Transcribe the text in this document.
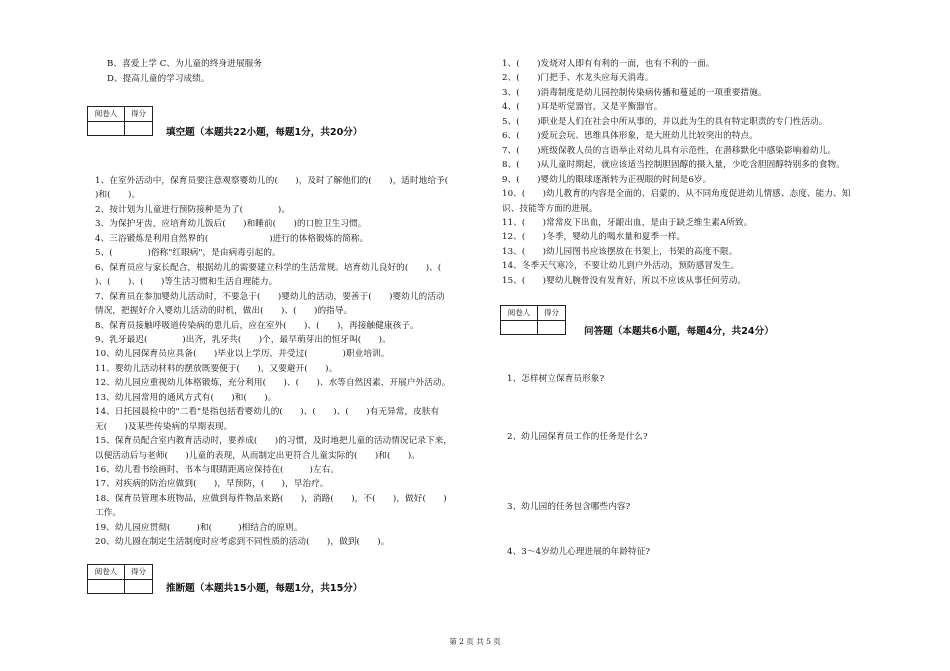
B、喜爱上学 C、为儿童的终身进展服务
D、提高儿童的学习成绩。
阅卷人	得分
填空题（本题共22小题，每题1分，共20分）
1、在室外活动中，保育员要注意观察婴幼儿的(　　)，及时了解他们的(　　)，适时地给予(
)和(　　)。
2、按计划为儿童进行预防接种是为了(　　　　)。
3、为保护牙齿，应培育幼儿饭后(　　)和睡前(　　)的口腔卫生习惯。
4、三浴锻炼是利用自然界的(　　　　　　　)进行的体格锻炼的简称。
5、(　　　　)俗称"红眼病"，是由病毒引起的。
6、保育员应与家长配合，根据幼儿的需要建立科学的生活常规。培育幼儿良好的(　　)、(
)、(　　)、(　　)等生活习惯和生活自理能力。
7、保育员在参加婴幼儿活动时，不要急于(　　)婴幼儿的活动，要善于(　　)婴幼儿的活动
情况，把握好介入婴幼儿活动的时机，做出(　　)、(　　)的指导。
8、保育员接触呼吸道传染病的患儿后，应在室外(　　)、(　　)，再接触健康孩子。
9、乳牙最迟(　　　　)出齐，乳牙共(　　)个，最早萌芽出的恒牙叫(　　)。
10、幼儿园保育员应具备(　　)毕业以上学历，并受过(　　　　)职业培训。
11、婴幼儿活动材料的摆放既要便于(　　)，又要避开(　　)。
12、幼儿园应重视幼儿体格锻炼，充分利用(　　)、(　　)、水等自然因素，开展户外活动。
13、幼儿园常用的通风方式有(　　)和(　　)。
14、日托园晨检中的"二看"是指包括看婴幼儿的(　　)、(　　)、(　　)有无异常，皮肤有
无(　　)及某些传染病的早期表现。
15、保育员配合室内教育活动时，要养成(　　)的习惯，及时地把儿童的活动情况记录下来，
以便活动后与老师(　　)儿童的表现，从而制定出更符合儿童实际的(　　)和(　　)。
16、幼儿看书绘画时，书本与眼睛距离应保持在(　　　)左右。
17、对疾病的防治应做到(　　)，早预防，(　　)，早治疗。
18、保育员管理本班物品，应做到每件物品来路(　　)，消路(　　)，不(　　)，做好(　　)
工作。
19、幼儿园应贯彻(　　　)和(　　　)相结合的原则。
20、幼儿圆在制定生活制度时应考虑到不同性质的活动(　　)，做到(　　)。
阅卷人	得分
推断题（本题共15小题，每题1分，共15分）
1、(　　)发烧对人即有有利的一面，也有不利的一面。
2、(　　)门把手、水龙头应每天消毒。
3、(　　)消毒制度是幼儿园控制传染病传播和蔓延的一项重要措施。
4、(　　)耳是听觉器官，又是平衡器官。
5、(　　)职业是人们在社会中所从事的，并以此为生的具有特定职责的专门性活动。
6、(　　)爱玩会玩、思维具体形象，是大班幼儿比较突出的特点。
7、(　　)班级保教人员的言语举止对幼儿具有示范性，在潜移默化中感染影响着幼儿。
8、(　　)从儿童时期起，就应该适当控制胆固醇的摄入量，少吃含胆固醇特别多的食物。
9、(　　)婴幼儿的眼球逐渐转为正视眼的时间是6岁。
10、(　　)幼儿教育的内容是全面的、启蒙的、从不同角度促进幼儿情感、态度、能力、知
识、技能等方面的进展。
11、(　　)常常皮下出血，牙龈出血，是由于缺乏维生素A所致。
12、(　　)冬季，婴幼儿的喝水量和夏季一样。
13、(　　)幼儿园图书应该摆放在书架上，书架的高度不限。
14、冬季天气寒冷，不要让幼儿到户外活动，预防感冒发生。
15、(　　)婴幼儿腕骨没有发育好，所以不应该从事任何劳动。
阅卷人	得分
问答题（本题共6小题，每题4分，共24分）
1、怎样树立保育员形象?
2、幼儿园保育员工作的任务是什么?
3、幼儿园的任务包含哪些内容?
4、3～4岁幼儿心理进展的年龄特征?
第 2 页 共 5 页
